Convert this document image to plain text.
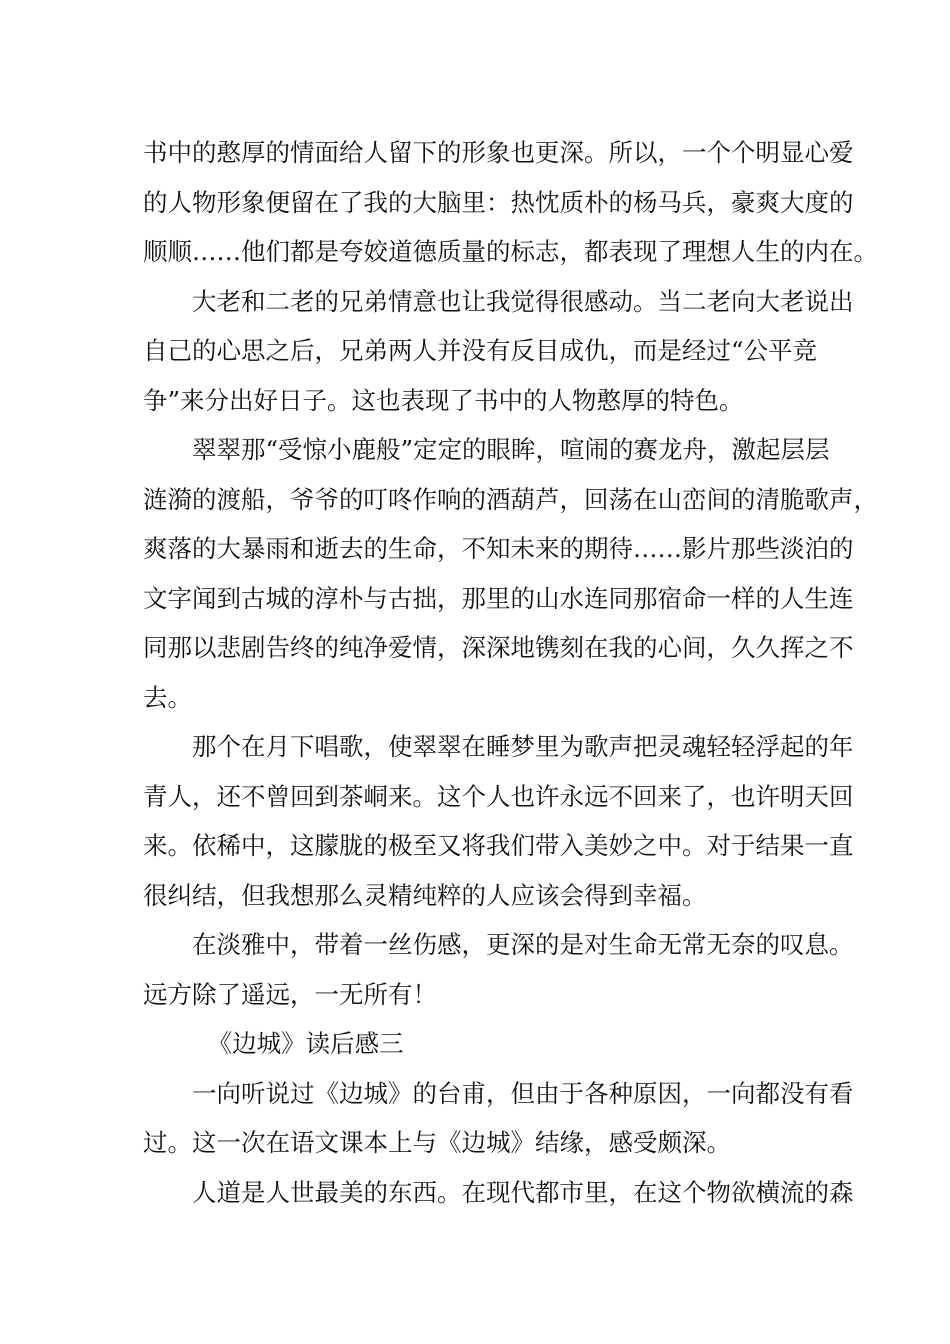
书中的憨厚的情面给人留下的形象也更深。所以，一个个明显心爱
的人物形象便留在了我的大脑里：热忱质朴的杨马兵，豪爽大度的
顺顺……他们都是夸姣道德质量的标志，都表现了理想人生的内在。
大老和二老的兄弟情意也让我觉得很感动。当二老向大老说出
自己的心思之后，兄弟两人并没有反目成仇，而是经过“公平竞
争”来分出好日子。这也表现了书中的人物憨厚的特色。
翠翠那“受惊小鹿般”定定的眼眸，喧闹的赛龙舟，激起层层
涟漪的渡船，爷爷的叮咚作响的酒葫芦，回荡在山峦间的清脆歌声，
爽落的大暴雨和逝去的生命，不知未来的期待……影片那些淡泊的
文字闻到古城的淳朴与古拙，那里的山水连同那宿命一样的人生连
同那以悲剧告终的纯净爱情，深深地镌刻在我的心间，久久挥之不
去。
那个在月下唱歌，使翠翠在睡梦里为歌声把灵魂轻轻浮起的年
青人，还不曾回到茶峒来。这个人也许永远不回来了，也许明天回
来。依稀中，这朦胧的极至又将我们带入美妙之中。对于结果一直
很纠结，但我想那么灵精纯粹的人应该会得到幸福。
在淡雅中，带着一丝伤感，更深的是对生命无常无奈的叹息。
远方除了遥远，一无所有！
《边城》读后感三
一向听说过《边城》的台甫，但由于各种原因，一向都没有看
过。这一次在语文课本上与《边城》结缘，感受颇深。
人道是人世最美的东西。在现代都市里，在这个物欲横流的森
